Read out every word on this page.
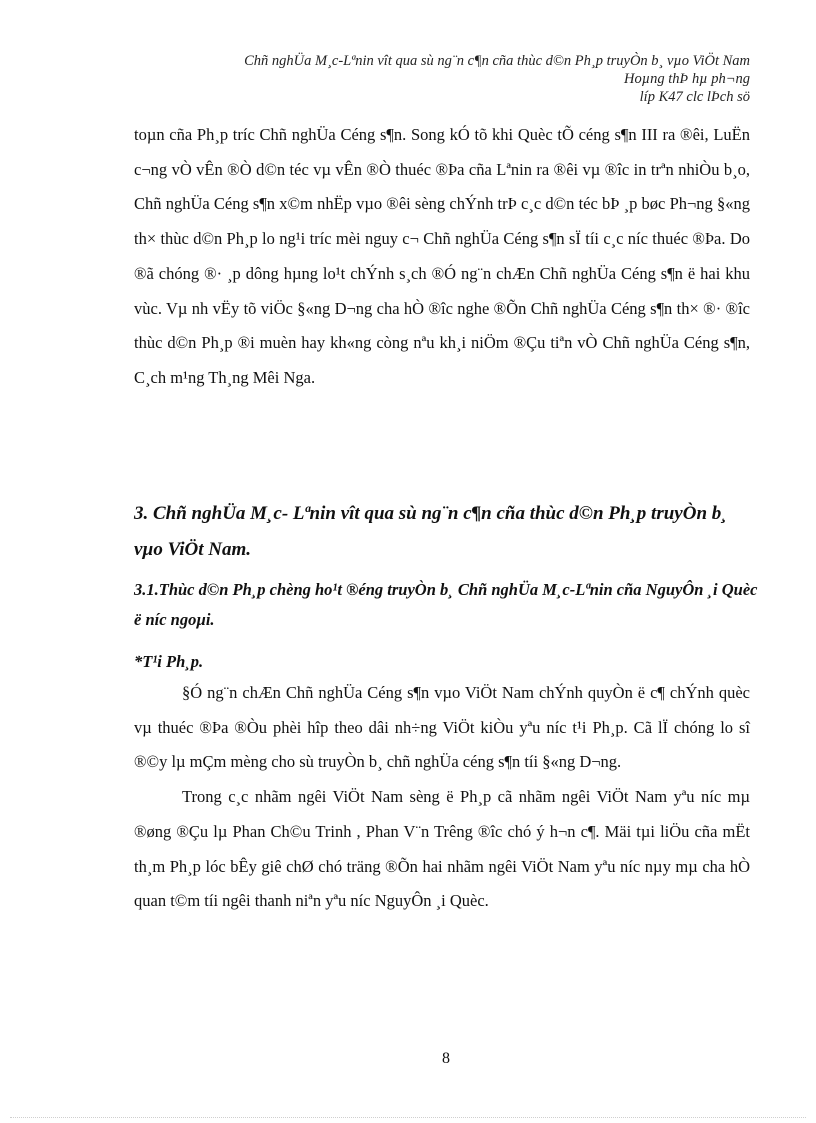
Chñ nghÜa M¸c-Lªnin vît qua sù ng¨n c¶n cña thùc d©n Ph¸p truyÒn b¸ vµo ViÖt Nam
Hoµng thÞ hµ ph¬ng
líp K47 clc lÞch sö

toµn cña Ph¸p tríc Chñ nghÜa Céng s¶n. Song kÓ tõ khi Quèc tÕ céng s¶n III ra ®êi, LuËn c¬ng vÒ vÊn ®Ò d©n téc vµ vÊn ®Ò thuéc ®Þa cña Lªnin ra ®êi vµ ®îc in trªn nhiÒu b¸o, Chñ nghÜa Céng s¶n x©m nhËp vµo ®êi sèng chÝnh trÞ c¸c d©n téc bÞ ¸p bøc Ph¬ng §«ng th× thùc d©n Ph¸p lo ng¹i tríc mèi nguy c¬ Chñ nghÜa Céng s¶n sÏ tíi c¸c níc thuéc ®Þa. Do ®ã chóng ®· ¸p dông hµng lo¹t chÝnh s¸ch ®Ó ng¨n chÆn Chñ nghÜa Céng s¶n ë hai khu vùc. Vµ nh vËy tõ viÖc §«ng D¬ng cha hÒ ®îc nghe ®Õn Chñ nghÜa Céng s¶n th× ®· ®îc thùc d©n Ph¸p ®i muèn hay kh«ng còng nªu kh¸i niÖm ®Çu tiªn vÒ Chñ nghÜa Céng s¶n, C¸ch m¹ng Th¸ng Mêi Nga.

3. Chñ nghÜa M¸c- Lªnin vît qua sù ng¨n c¶n cña thùc d©n Ph¸p truyÒn b¸ vµo ViÖt Nam.
3.1.Thùc d©n Ph¸p chèng ho¹t ®éng truyÒn b¸ Chñ nghÜa M¸c-Lªnin cña NguyÔn ¸i Quèc ë níc ngoµi.
*T¹i Ph¸p.

§Ó ng¨n chÆn Chñ nghÜa Céng s¶n vµo ViÖt Nam chÝnh quyÒn ë c¶ chÝnh quèc vµ thuéc ®Þa ®Òu phèi hîp theo dâi nh÷ng ViÖt kiÒu yªu níc t¹i Ph¸p. Cã lÏ chóng lo sî ®©y lµ mÇm mèng cho sù truyÒn b¸ chñ nghÜa céng s¶n tíi §«ng D¬ng.

Trong c¸c nhãm ngêi ViÖt Nam sèng ë Ph¸p cã nhãm ngêi ViÖt Nam yªu níc mµ ®øng ®Çu lµ Phan Ch©u Trinh , Phan V¨n Trêng ®îc chó ý h¬n c¶. Mäi tµi liÖu cña mËt th¸m Ph¸p lóc bÊy giê chØ chó träng ®Õn hai nhãm ngêi ViÖt Nam yªu níc nµy mµ cha hÒ quan t©m tíi ngêi thanh niªn yªu níc NguyÔn ¸i Quèc.

8
